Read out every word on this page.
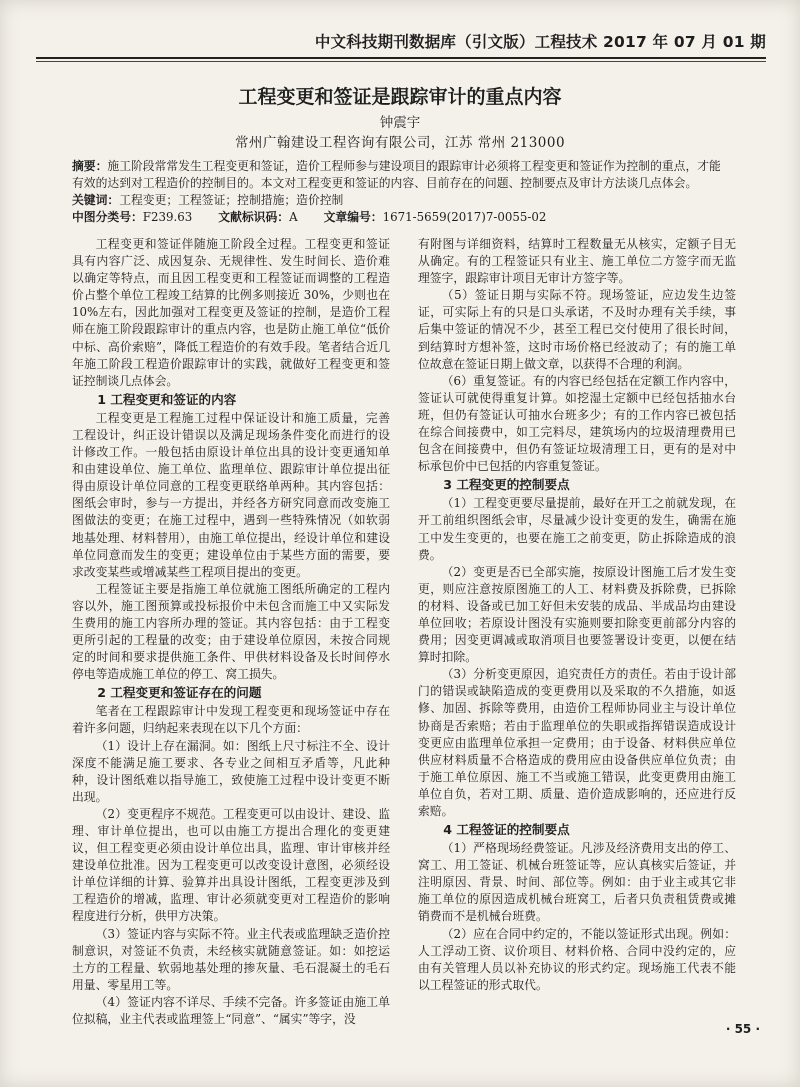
中文科技期刊数据库（引文版）工程技术 2017 年 07 月 01 期
工程变更和签证是跟踪审计的重点内容
钟震宇
常州广翰建设工程咨询有限公司，江苏 常州 213000

摘要：施工阶段常常发生工程变更和签证，造价工程师参与建设项目的跟踪审计必须将工程变更和签证作为控制的重点，才能有效的达到对工程造价的控制目的。本文对工程变更和签证的内容、目前存在的问题、控制要点及审计方法谈几点体会。

关键词：工程变更；工程签证；控制措施；造价控制

中图分类号：F239.63 文献标识码：A 文章编号：1671-5659(2017)7-0055-02

工程变更和签证伴随施工阶段全过程。工程变更和签证具有内容广泛、成因复杂、无规律性、发生时间长、造价难以确定等特点，而且因工程变更和工程签证而调整的工程造价占整个单位工程竣工结算的比例多则接近 30%，少则也在 10%左右，因此加强对工程变更及签证的控制，是造价工程师在施工阶段跟踪审计的重点内容，也是防止施工单位“低价中标、高价索赔”，降低工程造价的有效手段。笔者结合近几年施工阶段工程造价跟踪审计的实践，就做好工程变更和签证控制谈几点体会。

1 工程变更和签证的内容

工程变更是工程施工过程中保证设计和施工质量，完善工程设计，纠正设计错误以及满足现场条件变化而进行的设计修改工作。一般包括由原设计单位出具的设计变更通知单和由建设单位、施工单位、监理单位、跟踪审计单位提出征得由原设计单位同意的工程变更联络单两种。其内容包括：图纸会审时，参与一方提出，并经各方研究同意而改变施工图做法的变更；在施工过程中，遇到一些特殊情况（如软弱地基处理、材料替用），由施工单位提出，经设计单位和建设单位同意而发生的变更；建设单位由于某些方面的需要，要求改变某些或增减某些工程项目提出的变更。

工程签证主要是指施工单位就施工图纸所确定的工程内容以外，施工图预算或投标报价中未包含而施工中又实际发生费用的施工内容所办理的签证。其内容包括：由于工程变更所引起的工程量的改变；由于建设单位原因，未按合同规定的时间和要求提供施工条件、甲供材料设备及长时间停水停电等造成施工单位的停工、窝工损失。

2 工程变更和签证存在的问题

笔者在工程跟踪审计中发现工程变更和现场签证中存在着许多问题，归纳起来表现在以下几个方面：

（1）设计上存在漏洞。如：图纸上尺寸标注不全、设计深度不能满足施工要求、各专业之间相互矛盾等，凡此种种，设计图纸难以指导施工，致使施工过程中设计变更不断出现。

（2）变更程序不规范。工程变更可以由设计、建设、监理、审计单位提出，也可以由施工方提出合理化的变更建议，但工程变更必须由设计单位出具，监理、审计审核并经建设单位批准。因为工程变更可以改变设计意图，必须经设计单位详细的计算、验算并出具设计图纸，工程变更涉及到工程造价的增减，监理、审计必须就变更对工程造价的影响程度进行分析，供甲方决策。

（3）签证内容与实际不符。业主代表或监理缺乏造价控制意识，对签证不负责，未经核实就随意签证。如：如挖运土方的工程量、软弱地基处理的掺灰量、毛石混凝土的毛石用量、零星用工等。

（4）签证内容不详尽、手续不完备。许多签证由施工单位拟稿，业主代表或监理签上“同意”、“属实”等字，没

有附图与详细资料，结算时工程数量无从核实，定额子目无从确定。有的工程签证只有业主、施工单位二方签字而无监理签字，跟踪审计项目无审计方签字等。

（5）签证日期与实际不符。现场签证，应边发生边签证，可实际上有的只是口头承诺，不及时办理有关手续，事后集中签证的情况不少，甚至工程已交付使用了很长时间，到结算时方想补签，这时市场价格已经波动了；有的施工单位故意在签证日期上做文章，以获得不合理的利润。

（6）重复签证。有的内容已经包括在定额工作内容中，签证认可就使得重复计算。如挖湿土定额中已经包括抽水台班，但仍有签证认可抽水台班多少；有的工作内容已被包括在综合间接费中，如工完料尽，建筑场内的垃圾清理费用已包含在间接费中，但仍有签证垃圾清理工日，更有的是对中标承包价中已包括的内容重复签证。

3 工程变更的控制要点

（1）工程变更要尽量提前，最好在开工之前就发现，在开工前组织图纸会审，尽量减少设计变更的发生，确需在施工中发生变更的，也要在施工之前变更，防止拆除造成的浪费。

（2）变更是否已全部实施，按原设计图施工后才发生变更，则应注意按原图施工的人工、材料费及拆除费，已拆除的材料、设备或已加工好但未安装的成品、半成品均由建设单位回收；若原设计图没有实施则要扣除变更前部分内容的费用；因变更调减或取消项目也要签署设计变更，以便在结算时扣除。

（3）分析变更原因，追究责任方的责任。若由于设计部门的错误或缺陷造成的变更费用以及采取的不久措施，如返修、加固、拆除等费用，由造价工程师协同业主与设计单位协商是否索赔；若由于监理单位的失职或指挥错误造成设计变更应由监理单位承担一定费用；由于设备、材料供应单位供应材料质量不合格造成的费用应由设备供应单位负责；由于施工单位原因、施工不当或施工错误，此变更费用由施工单位自负，若对工期、质量、造价造成影响的，还应进行反索赔。

4 工程签证的控制要点

（1）严格现场经费签证。凡涉及经济费用支出的停工、窝工、用工签证、机械台班签证等，应认真核实后签证，并注明原因、背景、时间、部位等。例如：由于业主或其它非施工单位的原因造成机械台班窝工，后者只负责租赁费或摊销费而不是机械台班费。

（2）应在合同中约定的，不能以签证形式出现。例如：人工浮动工资、议价项目、材料价格、合同中没约定的，应由有关管理人员以补充协议的形式约定。现场施工代表不能以工程签证的形式取代。

· 55 ·
